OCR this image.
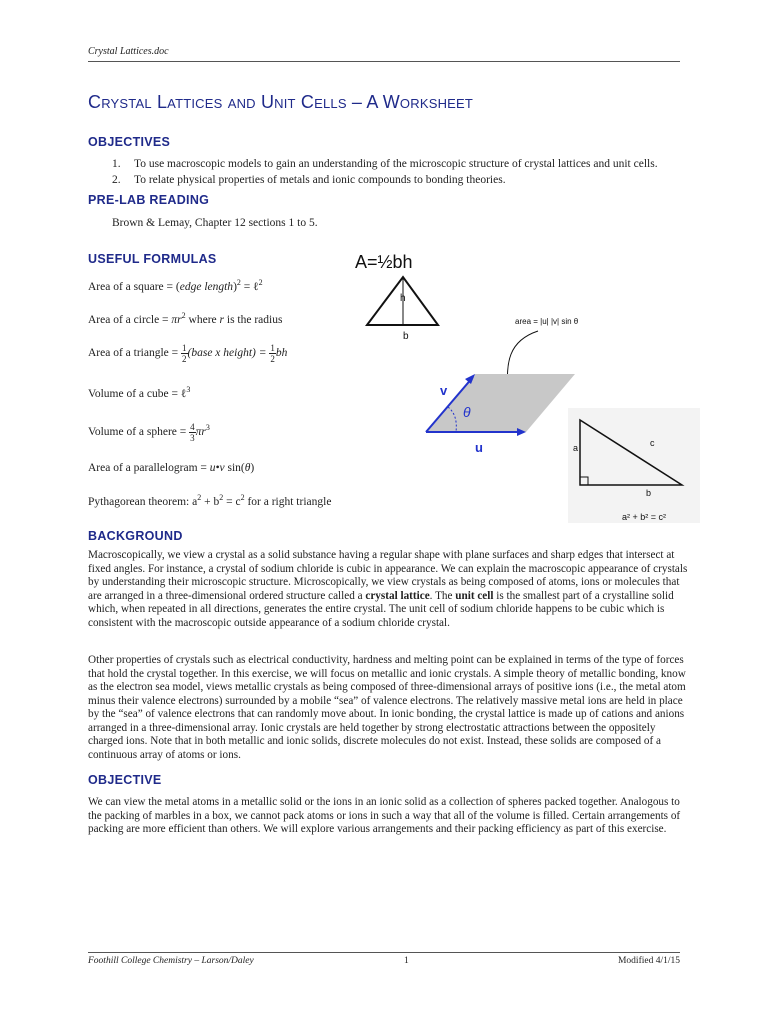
Crystal Lattices.doc
Crystal Lattices and Unit Cells – A Worksheet
OBJECTIVES
1. To use macroscopic models to gain an understanding of the microscopic structure of crystal lattices and unit cells.
2. To relate physical properties of metals and ionic compounds to bonding theories.
PRE-LAB READING
Brown & Lemay, Chapter 12 sections 1 to 5.
USEFUL FORMULAS
Area of a square = (edge length)$^2$ = ℓ$^2$
Area of a circle = $\pi r^2$ where r is the radius
Area of a triangle = $\frac{1}{2}$ (base x height) = $\frac{1}{2}$ bh
Volume of a cube = ℓ$^3$
Volume of a sphere = $\frac{4}{3} \pi r^3$
Area of a parallelogram = u•v sin(θ)
Pythagorean theorem: $a^2 + b^2 = c^2$ for a right triangle
A=½bh
h
b
area = |u| |v| sin θ
v
u
θ
a	c
b
a² + b² = c²
BACKGROUND
Macroscopically, we view a crystal as a solid substance having a regular shape with plane surfaces and sharp edges that intersect at fixed angles. For instance, a crystal of sodium chloride is cubic in appearance. We can explain the macroscopic appearance of crystals by understanding their microscopic structure. Microscopically, we view crystals as being composed of atoms, ions or molecules that are arranged in a three-dimensional ordered structure called a crystal lattice. The unit cell is the smallest part of a crystalline solid which, when repeated in all directions, generates the entire crystal. The unit cell of sodium chloride happens to be cubic which is consistent with the macroscopic outside appearance of a sodium chloride crystal.
Other properties of crystals such as electrical conductivity, hardness and melting point can be explained in terms of the type of forces that hold the crystal together. In this exercise, we will focus on metallic and ionic crystals. A simple theory of metallic bonding, know as the electron sea model, views metallic crystals as being composed of three-dimensional arrays of positive ions (i.e., the metal atom minus their valence electrons) surrounded by a mobile “sea” of valence electrons. The relatively massive metal ions are held in place by the “sea” of valence electrons that can randomly move about. In ionic bonding, the crystal lattice is made up of cations and anions arranged in a three-dimensional array. Ionic crystals are held together by strong electrostatic attractions between the oppositely charged ions. Note that in both metallic and ionic solids, discrete molecules do not exist. Instead, these solids are composed of a continuous array of atoms or ions.
OBJECTIVE
We can view the metal atoms in a metallic solid or the ions in an ionic solid as a collection of spheres packed together. Analogous to the packing of marbles in a box, we cannot pack atoms or ions in such a way that all of the volume is filled. Certain arrangements of packing are more efficient than others. We will explore various arrangements and their packing efficiency as part of this exercise.
Foothill College Chemistry – Larson/Daley	1	Modified 4/1/15
